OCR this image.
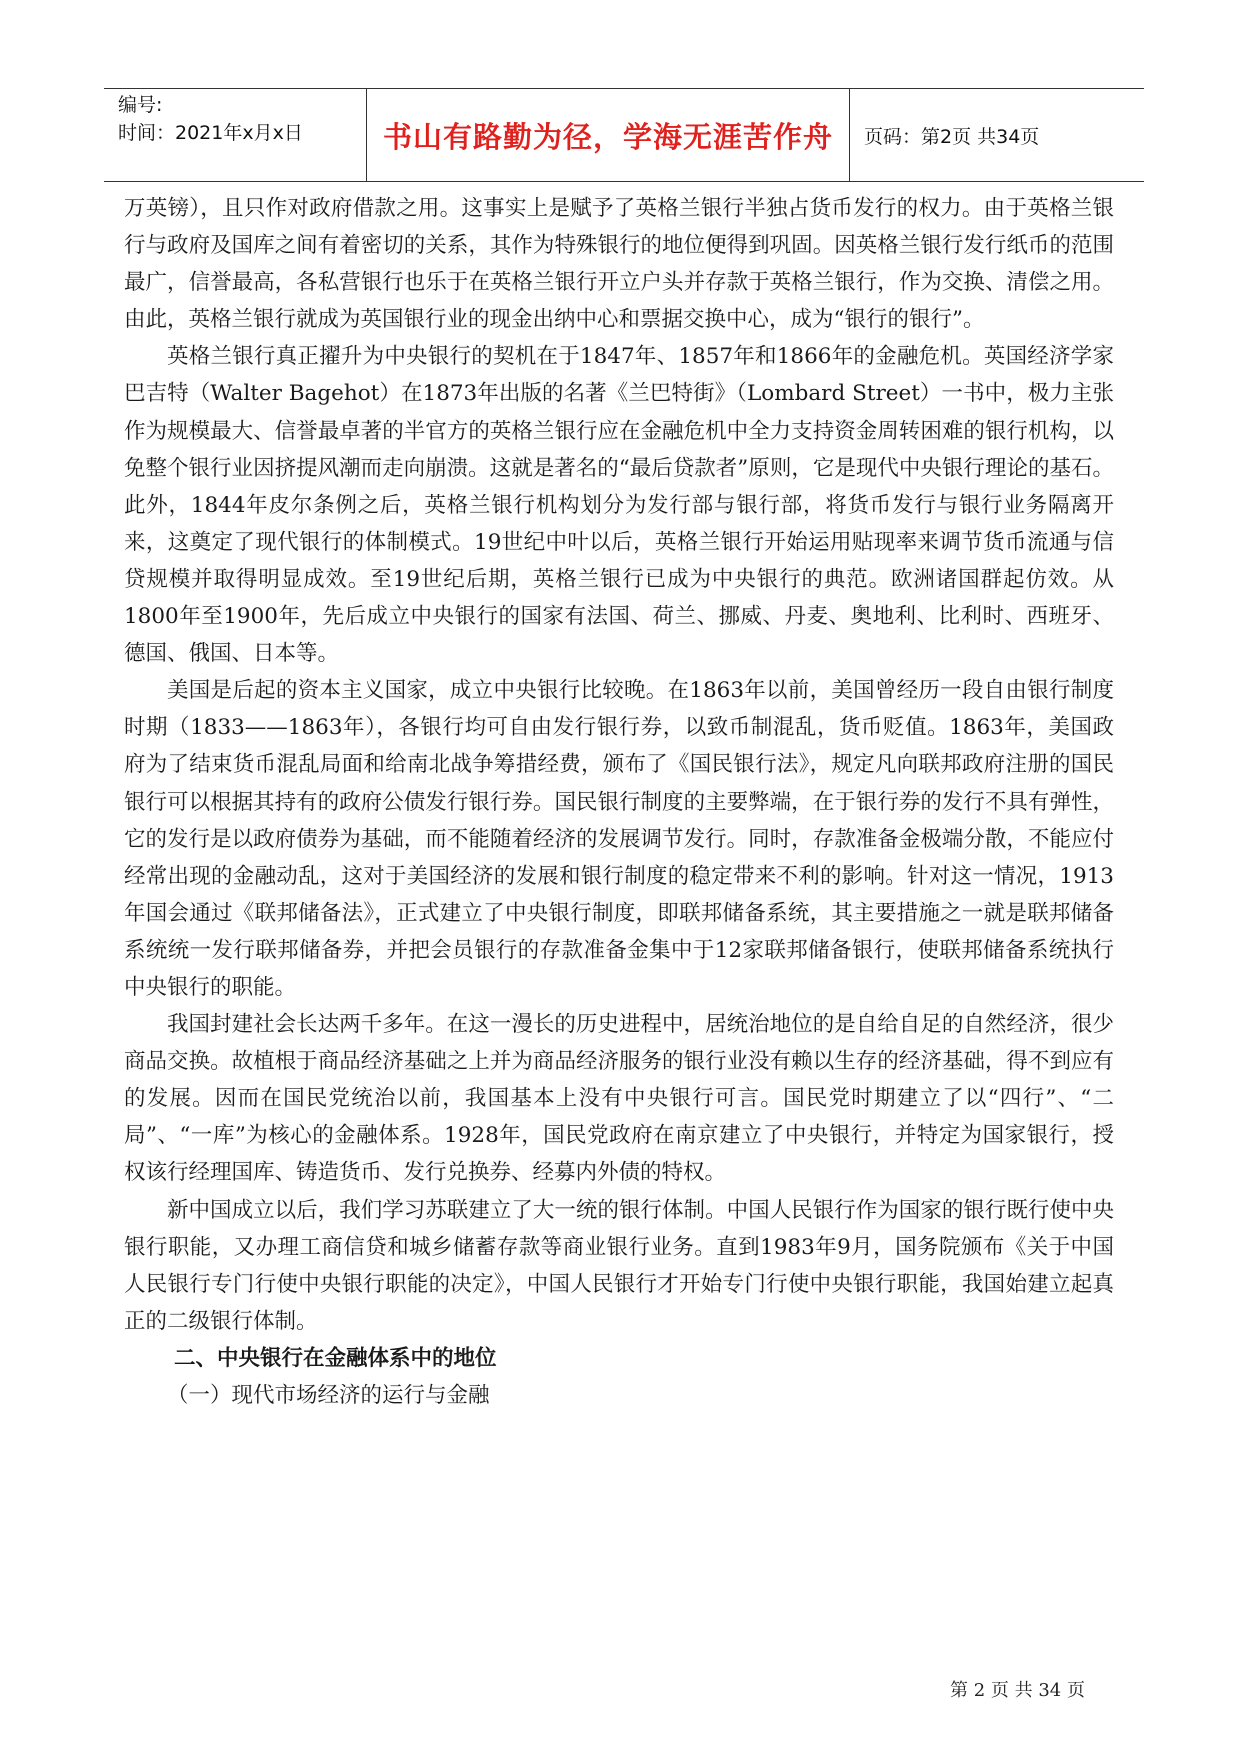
编号:
时间：2021年x月x日	书山有路勤为径，学海无涯苦作舟	页码：第2页 共34页

万英镑），且只作对政府借款之用。这事实上是赋予了英格兰银行半独占货币发行的权力。由于英格兰银行与政府及国库之间有着密切的关系，其作为特殊银行的地位便得到巩固。因英格兰银行发行纸币的范围最广，信誉最高，各私营银行也乐于在英格兰银行开立户头并存款于英格兰银行，作为交换、清偿之用。由此，英格兰银行就成为英国银行业的现金出纳中心和票据交换中心，成为“银行的银行”。

英格兰银行真正擢升为中央银行的契机在于1847年、1857年和1866年的金融危机。英国经济学家巴吉特（Walter Bagehot）在1873年出版的名著《兰巴特街》（Lombard Street）一书中，极力主张作为规模最大、信誉最卓著的半官方的英格兰银行应在金融危机中全力支持资金周转困难的银行机构，以免整个银行业因挤提风潮而走向崩溃。这就是著名的“最后贷款者”原则，它是现代中央银行理论的基石。此外，1844年皮尔条例之后，英格兰银行机构划分为发行部与银行部，将货币发行与银行业务隔离开来，这奠定了现代银行的体制模式。19世纪中叶以后，英格兰银行开始运用贴现率来调节货币流通与信贷规模并取得明显成效。至19世纪后期，英格兰银行已成为中央银行的典范。欧洲诸国群起仿效。从1800年至1900年，先后成立中央银行的国家有法国、荷兰、挪威、丹麦、奥地利、比利时、西班牙、德国、俄国、日本等。

美国是后起的资本主义国家，成立中央银行比较晚。在1863年以前，美国曾经历一段自由银行制度时期（1833——1863年），各银行均可自由发行银行券，以致币制混乱，货币贬值。1863年，美国政府为了结束货币混乱局面和给南北战争筹措经费，颁布了《国民银行法》，规定凡向联邦政府注册的国民银行可以根据其持有的政府公债发行银行券。国民银行制度的主要弊端，在于银行券的发行不具有弹性，它的发行是以政府债券为基础，而不能随着经济的发展调节发行。同时，存款准备金极端分散，不能应付经常出现的金融动乱，这对于美国经济的发展和银行制度的稳定带来不利的影响。针对这一情况，1913年国会通过《联邦储备法》，正式建立了中央银行制度，即联邦储备系统，其主要措施之一就是联邦储备系统统一发行联邦储备券，并把会员银行的存款准备金集中于12家联邦储备银行，使联邦储备系统执行中央银行的职能。

我国封建社会长达两千多年。在这一漫长的历史进程中，居统治地位的是自给自足的自然经济，很少商品交换。故植根于商品经济基础之上并为商品经济服务的银行业没有赖以生存的经济基础，得不到应有的发展。因而在国民党统治以前，我国基本上没有中央银行可言。国民党时期建立了以“四行”、“二局”、“一库”为核心的金融体系。1928年，国民党政府在南京建立了中央银行，并特定为国家银行，授权该行经理国库、铸造货币、发行兑换券、经募内外债的特权。

新中国成立以后，我们学习苏联建立了大一统的银行体制。中国人民银行作为国家的银行既行使中央银行职能，又办理工商信贷和城乡储蓄存款等商业银行业务。直到1983年9月，国务院颁布《关于中国人民银行专门行使中央银行职能的决定》，中国人民银行才开始专门行使中央银行职能，我国始建立起真正的二级银行体制。

二、中央银行在金融体系中的地位

（一）现代市场经济的运行与金融

第 2 页 共 34 页
